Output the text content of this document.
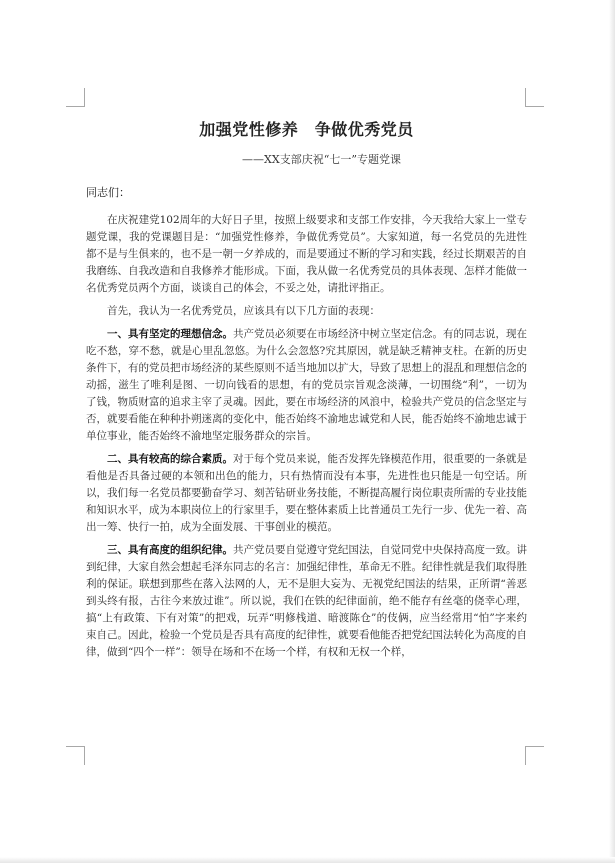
加强党性修养　争做优秀党员
——XX支部庆祝“七一”专题党课
同志们：

在庆祝建党102周年的大好日子里，按照上级要求和支部工作安排，今天我给大家上一堂专题党课，我的党课题目是：“加强党性修养，争做优秀党员”。大家知道，每一名党员的先进性都不是与生俱来的，也不是一朝一夕养成的，而是要通过不断的学习和实践，经过长期艰苦的自我磨练、自我改造和自我修养才能形成。下面，我从做一名优秀党员的具体表现、怎样才能做一名优秀党员两个方面，谈谈自己的体会，不妥之处，请批评指正。

首先，我认为一名优秀党员，应该具有以下几方面的表现：

一、具有坚定的理想信念。共产党员必须要在市场经济中树立坚定信念。有的同志说，现在吃不愁，穿不愁，就是心里乱忽悠。为什么会忽悠?究其原因，就是缺乏精神支柱。在新的历史条件下，有的党员把市场经济的某些原则不适当地加以扩大，导致了思想上的混乱和理想信念的动摇，滋生了唯利是图、一切向钱看的思想，有的党员宗旨观念淡薄，一切围绕“利”，一切为了钱，物质财富的追求主宰了灵魂。因此，要在市场经济的风浪中，检验共产党员的信念坚定与否，就要看能在种种扑朔迷离的变化中，能否始终不渝地忠诚党和人民，能否始终不渝地忠诚于单位事业，能否始终不渝地坚定服务群众的宗旨。

二、具有较高的综合素质。对于每个党员来说，能否发挥先锋模范作用，很重要的一条就是看他是否具备过硬的本领和出色的能力，只有热情而没有本事，先进性也只能是一句空话。所以，我们每一名党员都要勤奋学习、刻苦钻研业务技能，不断提高履行岗位职责所需的专业技能和知识水平，成为本职岗位上的行家里手，要在整体素质上比普通员工先行一步、优先一着、高出一筹、快行一拍，成为全面发展、干事创业的模范。

三、具有高度的组织纪律。共产党员要自觉遵守党纪国法，自觉同党中央保持高度一致。讲到纪律，大家自然会想起毛泽东同志的名言：加强纪律性，革命无不胜。纪律性就是我们取得胜利的保证。联想到那些在落入法网的人，无不是胆大妄为、无视党纪国法的结果，正所谓“善恶到头终有报，古往今来放过谁”。所以说，我们在铁的纪律面前，绝不能存有丝毫的侥幸心理，搞“上有政策、下有对策”的把戏，玩弄“明修栈道、暗渡陈仓”的伎俩，应当经常用“怕”字来约束自己。因此，检验一个党员是否具有高度的纪律性，就要看他能否把党纪国法转化为高度的自律，做到“四个一样”：领导在场和不在场一个样，有权和无权一个样，
